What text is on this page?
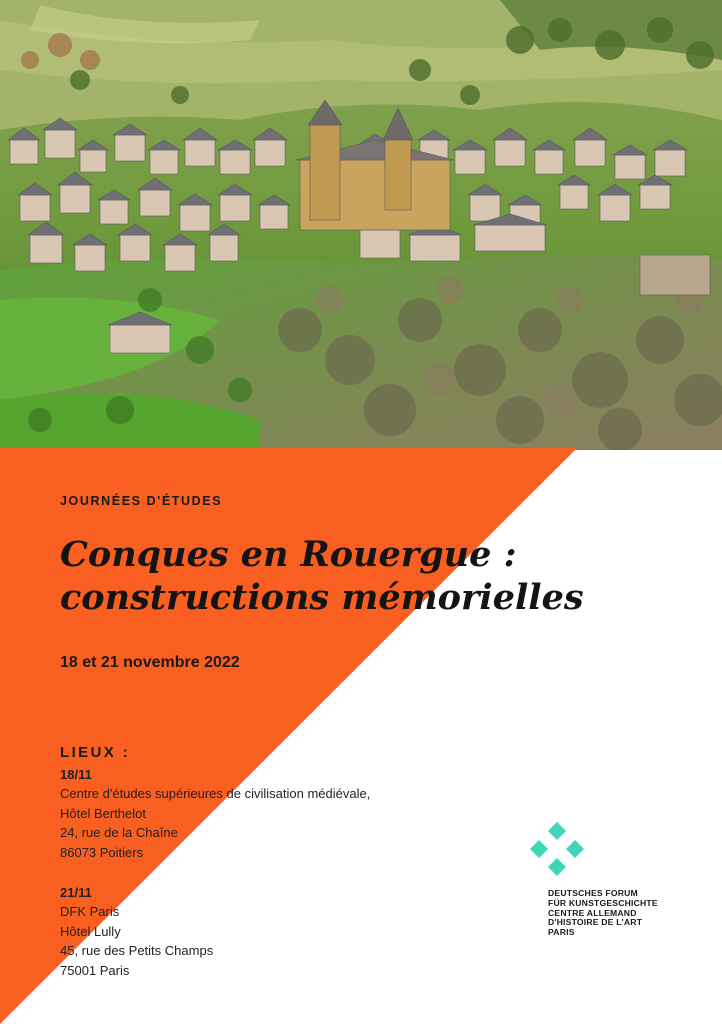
JOURNÉES D'ÉTUDES
Conques en Rouergue :
constructions mémorielles
18 et 21 novembre 2022
LIEUX :
18/11
Centre d'études supérieures de civilisation médiévale,
Hôtel Berthelot
24, rue de la Chaîne
86073 Poitiers
21/11
DFK Paris
Hôtel Lully
45, rue des Petits Champs
75001 Paris
DEUTSCHES FORUM
FÜR KUNSTGESCHICHTE
CENTRE ALLEMAND
D'HISTOIRE DE L'ART
PARIS
